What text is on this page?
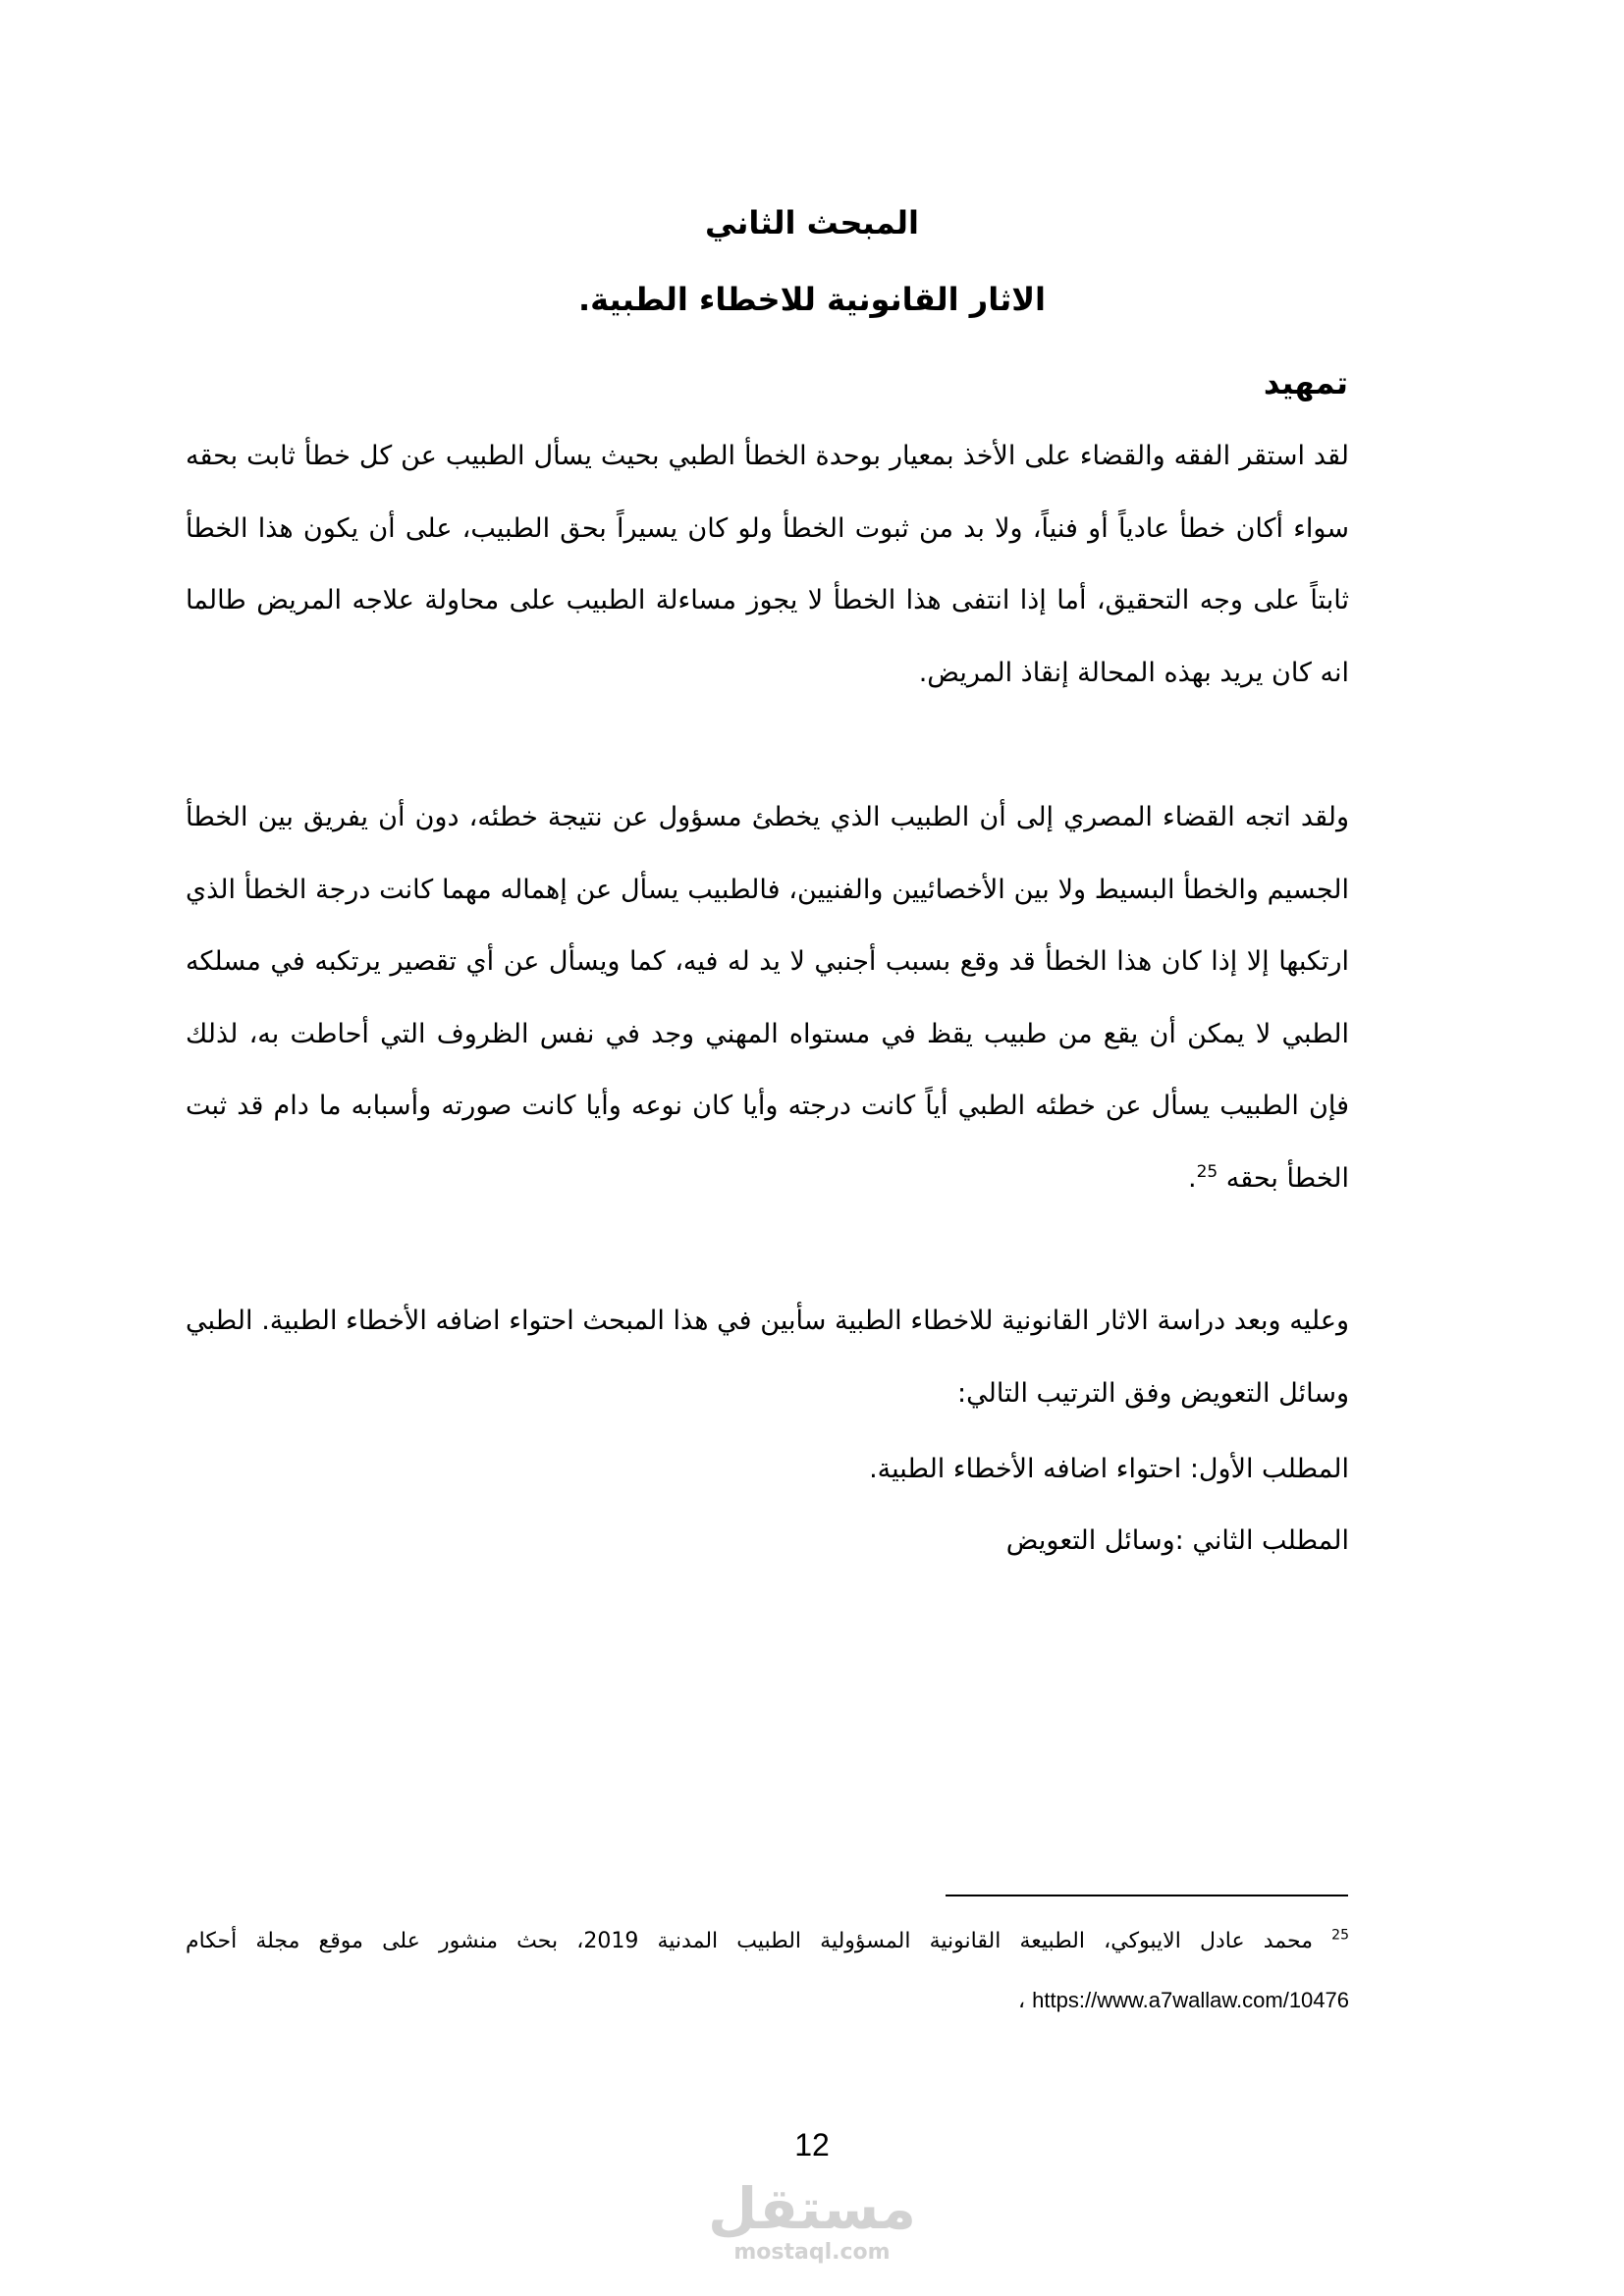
المبحث الثاني
الاثار القانونية للاخطاء الطبية.
تمهيد

لقد استقر الفقه والقضاء على الأخذ بمعيار بوحدة الخطأ الطبي بحيث يسأل الطبيب عن كل خطأ ثابت بحقه سواء أكان خطأ عادياً أو فنياً، ولا بد من ثبوت الخطأ ولو كان يسيراً بحق الطبيب، على أن يكون هذا الخطأ ثابتاً على وجه التحقيق، أما إذا انتفى هذا الخطأ لا يجوز مساءلة الطبيب على محاولة علاجه المريض طالما انه كان يريد بهذه المحالة إنقاذ المريض.

ولقد اتجه القضاء المصري إلى أن الطبيب الذي يخطئ مسؤول عن نتيجة خطئه، دون أن يفريق بين الخطأ الجسيم والخطأ البسيط ولا بين الأخصائيين والفنيين، فالطبيب يسأل عن إهماله مهما كانت درجة الخطأ الذي ارتكبها إلا إذا كان هذا الخطأ قد وقع بسبب أجنبي لا يد له فيه، كما ويسأل عن أي تقصير يرتكبه في مسلكه الطبي لا يمكن أن يقع من طبيب يقظ في مستواه المهني وجد في نفس الظروف التي أحاطت به، لذلك فإن الطبيب يسأل عن خطئه الطبي أياً كانت درجته وأيا كان نوعه وأيا كانت صورته وأسبابه ما دام قد ثبت الخطأ بحقه $^{25}$.

وعليه وبعد دراسة الاثار القانونية للاخطاء الطبية سأبين في هذا المبحث احتواء اضافه الأخطاء الطبية. الطبي وسائل التعويض وفق الترتيب التالي:

المطلب الأول: احتواء اضافه الأخطاء الطبية.

المطلب الثاني :وسائل التعويض

$^{25}$ محمد عادل الايبوكي، الطبيعة القانونية المسؤولية الطبيب المدنية 2019، بحث منشور على موقع مجلة أحكام https://www.a7wallaw.com/10476 ،

12
مستقل
mostaql.com
